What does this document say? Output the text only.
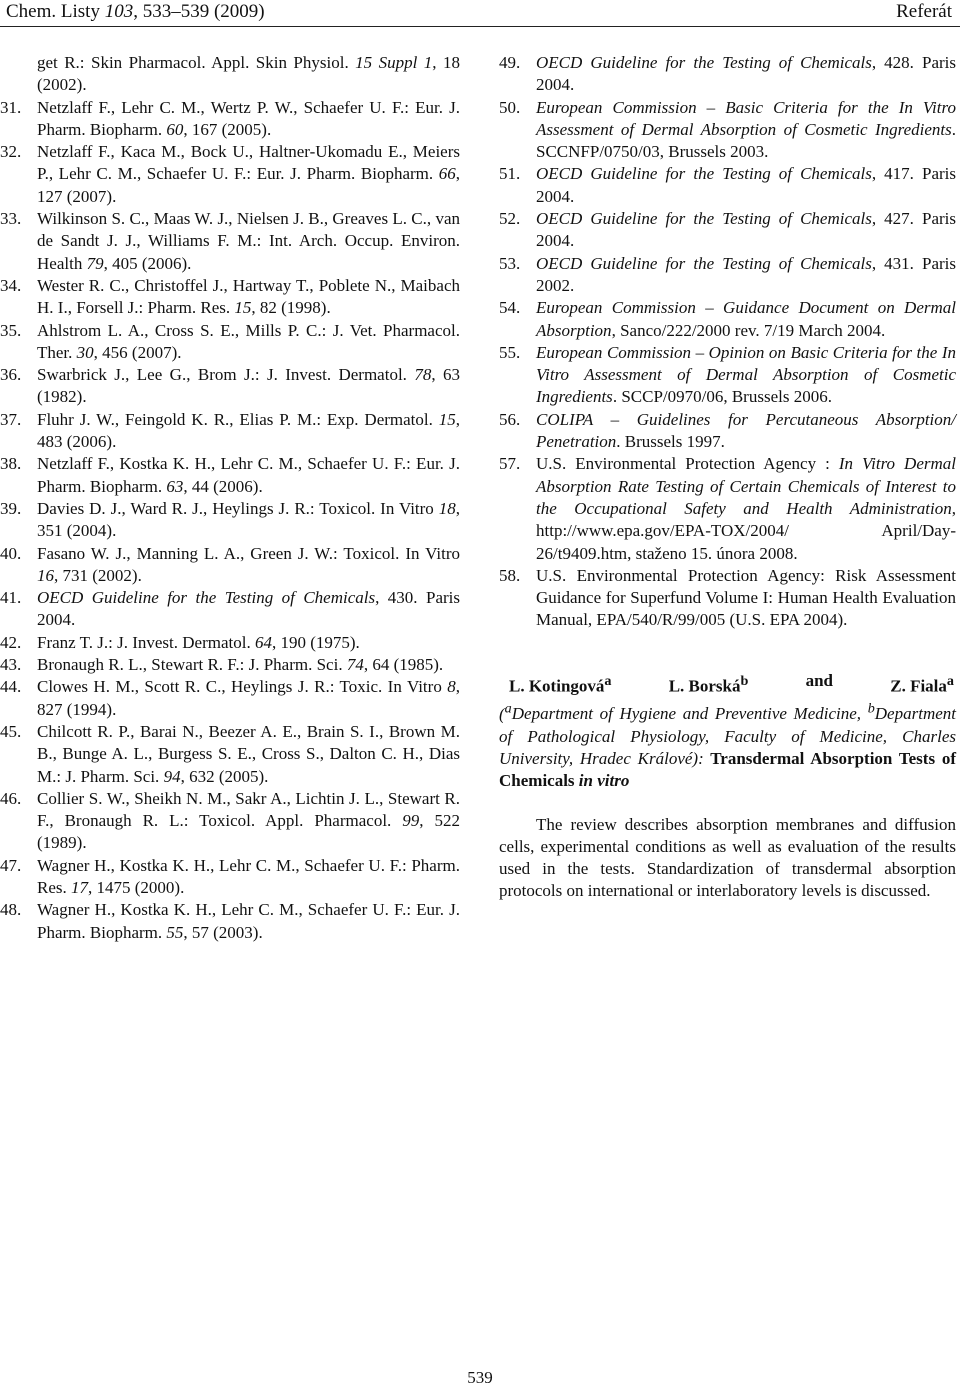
Chem. Listy 103, 533–539 (2009)	Referát
get R.: Skin Pharmacol. Appl. Skin Physiol. 15 Suppl 1, 18 (2002).
31. Netzlaff F., Lehr C. M., Wertz P. W., Schaefer U. F.: Eur. J. Pharm. Biopharm. 60, 167 (2005).
32. Netzlaff F., Kaca M., Bock U., Haltner-Ukomadu E., Meiers P., Lehr C. M., Schaefer U. F.: Eur. J. Pharm. Biopharm. 66, 127 (2007).
33. Wilkinson S. C., Maas W. J., Nielsen J. B., Greaves L. C., van de Sandt J. J., Williams F. M.: Int. Arch. Occup. Environ. Health 79, 405 (2006).
34. Wester R. C., Christoffel J., Hartway T., Poblete N., Maibach H. I., Forsell J.: Pharm. Res. 15, 82 (1998).
35. Ahlstrom L. A., Cross S. E., Mills P. C.: J. Vet. Pharmacol. Ther. 30, 456 (2007).
36. Swarbrick J., Lee G., Brom J.: J. Invest. Dermatol. 78, 63 (1982).
37. Fluhr J. W., Feingold K. R., Elias P. M.: Exp. Dermatol. 15, 483 (2006).
38. Netzlaff F., Kostka K. H., Lehr C. M., Schaefer U. F.: Eur. J. Pharm. Biopharm. 63, 44 (2006).
39. Davies D. J., Ward R. J., Heylings J. R.: Toxicol. In Vitro 18, 351 (2004).
40. Fasano W. J., Manning L. A., Green J. W.: Toxicol. In Vitro 16, 731 (2002).
41. OECD Guideline for the Testing of Chemicals, 430. Paris 2004.
42. Franz T. J.: J. Invest. Dermatol. 64, 190 (1975).
43. Bronaugh R. L., Stewart R. F.: J. Pharm. Sci. 74, 64 (1985).
44. Clowes H. M., Scott R. C., Heylings J. R.: Toxic. In Vitro 8, 827 (1994).
45. Chilcott R. P., Barai N., Beezer A. E., Brain S. I., Brown M. B., Bunge A. L., Burgess S. E., Cross S., Dalton C. H., Dias M.: J. Pharm. Sci. 94, 632 (2005).
46. Collier S. W., Sheikh N. M., Sakr A., Lichtin J. L., Stewart R. F., Bronaugh R. L.: Toxicol. Appl. Pharmacol. 99, 522 (1989).
47. Wagner H., Kostka K. H., Lehr C. M., Schaefer U. F.: Pharm. Res. 17, 1475 (2000).
48. Wagner H., Kostka K. H., Lehr C. M., Schaefer U. F.: Eur. J. Pharm. Biopharm. 55, 57 (2003).
49. OECD Guideline for the Testing of Chemicals, 428. Paris 2004.
50. European Commission – Basic Criteria for the In Vitro Assessment of Dermal Absorption of Cosmetic Ingredients. SCCNFP/0750/03, Brussels 2003.
51. OECD Guideline for the Testing of Chemicals, 417. Paris 2004.
52. OECD Guideline for the Testing of Chemicals, 427. Paris 2004.
53. OECD Guideline for the Testing of Chemicals, 431. Paris 2002.
54. European Commission – Guidance Document on Dermal Absorption, Sanco/222/2000 rev. 7/19 March 2004.
55. European Commission – Opinion on Basic Criteria for the In Vitro Assessment of Dermal Absorption of Cosmetic Ingredients. SCCP/0970/06, Brussels 2006.
56. COLIPA – Guidelines for Percutaneous Absorption/ Penetration. Brussels 1997.
57. U.S. Environmental Protection Agency : In Vitro Dermal Absorption Rate Testing of Certain Chemicals of Interest to the Occupational Safety and Health Administration, http://www.epa.gov/EPA-TOX/2004/ April/Day-26/t9409.htm, staženo 15. února 2008.
58. U.S. Environmental Protection Agency: Risk Assessment Guidance for Superfund Volume I: Human Health Evaluation Manual, EPA/540/R/99/005 (U.S. EPA 2004).
L. Kotingová$^a$	L. Borská$^b$	and	Z. Fiala$^a$
($^a$Department of Hygiene and Preventive Medicine, $^b$Department of Pathological Physiology, Faculty of Medicine, Charles University, Hradec Králové): Transdermal Absorption Tests of Chemicals in vitro
The review describes absorption membranes and diffusion cells, experimental conditions as well as evaluation of the results used in the tests. Standardization of transdermal absorption protocols on international or interlaboratory levels is discussed.
539
